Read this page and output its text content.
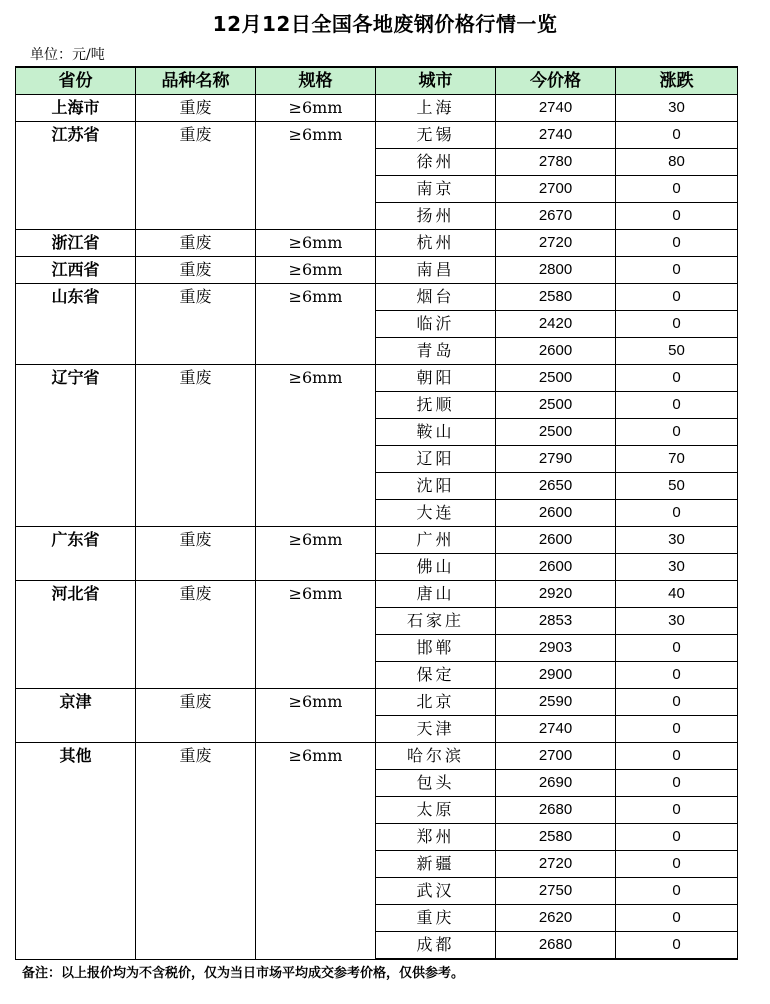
12月12日全国各地废钢价格行情一览
单位：元/吨
省份	品种名称	规格	城市	今价格	涨跌
上海市	重废	≥6mm	上海	2740	30
江苏省	重废	≥6mm	无锡	2740	0
			徐州	2780	80
			南京	2700	0
			扬州	2670	0
浙江省	重废	≥6mm	杭州	2720	0
江西省	重废	≥6mm	南昌	2800	0
山东省	重废	≥6mm	烟台	2580	0
			临沂	2420	0
			青岛	2600	50
辽宁省	重废	≥6mm	朝阳	2500	0
			抚顺	2500	0
			鞍山	2500	0
			辽阳	2790	70
			沈阳	2650	50
			大连	2600	0
广东省	重废	≥6mm	广州	2600	30
			佛山	2600	30
河北省	重废	≥6mm	唐山	2920	40
			石家庄	2853	30
			邯郸	2903	0
			保定	2900	0
京津	重废	≥6mm	北京	2590	0
			天津	2740	0
其他	重废	≥6mm	哈尔滨	2700	0
			包头	2690	0
			太原	2680	0
			郑州	2580	0
			新疆	2720	0
			武汉	2750	0
			重庆	2620	0
			成都	2680	0
备注：以上报价均为不含税价，仅为当日市场平均成交参考价格，仅供参考。
